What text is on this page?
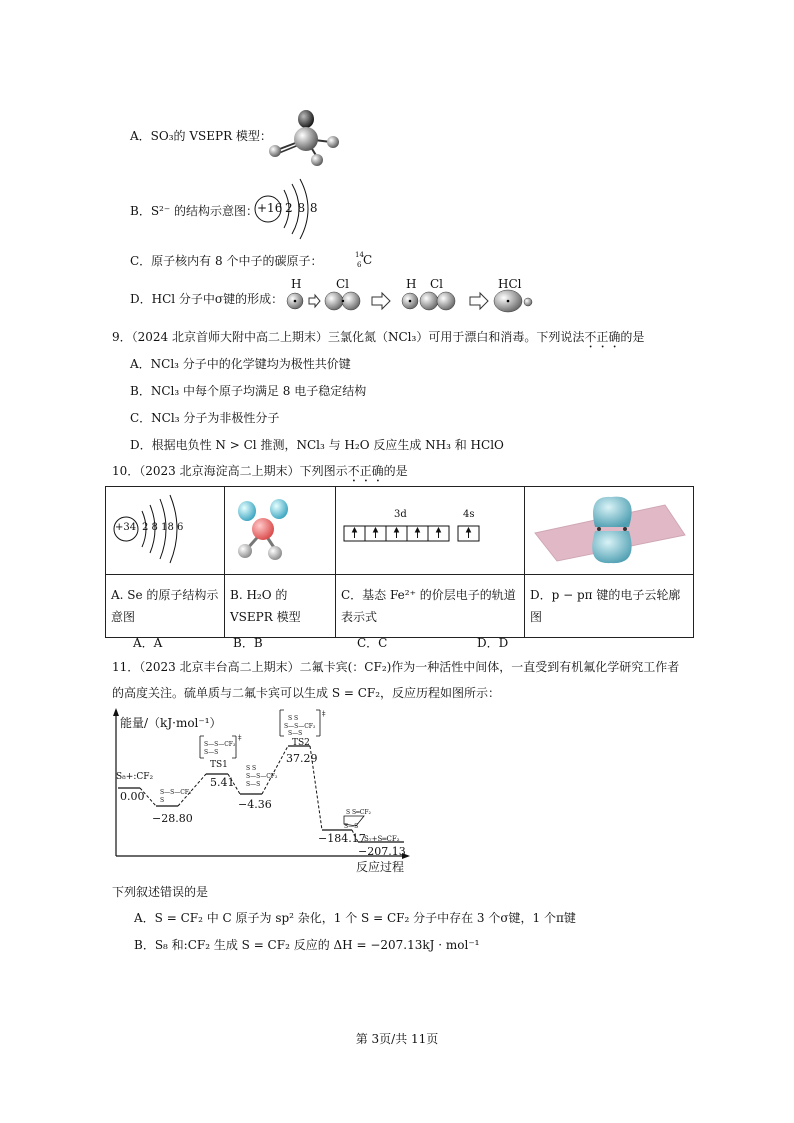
A．SO₃的 VSEPR 模型：
B．S²⁻ 的结构示意图： +16 2 8 8
C．原子核内有 8 个中子的碳原子：	14
6 C
D．HCl 分子中σ键的形成：
H	Cl	H Cl	HCl
9．（2024 北京首师大附中高二上期末）三氯化氮（NCl₃）可用于漂白和消毒。下列说法不正确的是
A．NCl₃ 分子中的化学键均为极性共价键
B．NCl₃ 中每个原子均满足 8 电子稳定结构
C．NCl₃ 分子为非极性分子
D．根据电负性 N > Cl 推测，NCl₃ 与 H₂O 反应生成 NH₃ 和 HClO
10．（2023 北京海淀高二上期末）下列图示不正确的是
+34 2 8 18 6		3d 4s

A. Se 的原子结构示意图	B. H₂O 的 VSEPR 模型	C．基态 Fe²⁺ 的价层电子的轨道表示式	D．p − pπ 键的电子云轮廓图
A．A	B．B	C．C	D．D
11．（2023 北京丰台高二上期末）二氟卡宾(：CF₂)作为一种活性中间体，一直受到有机氟化学研究工作者
的高度关注。硫单质与二氟卡宾可以生成 S = CF₂，反应历程如图所示：
S—S—CF₂
S—S
‡
S S
S—S—CF₂
S—S
‡
S S
S—S—CF₂
S—S
S—S—CF₂
S
S S═CF₂
S—S
能量/（kJ·mol⁻¹）
反应过程
S₈+:CF₂
0.00
−28.80
TS1
5.41
−4.36
TS2
37.29
−184.17
S₇+S═CF₂
−207.13
下列叙述错误的是
A．S = CF₂ 中 C 原子为 sp² 杂化，1 个 S = CF₂ 分子中存在 3 个σ键，1 个π键
B．S₈ 和:CF₂ 生成 S = CF₂ 反应的 ΔH = −207.13kJ · mol⁻¹
第 3页/共 11页
